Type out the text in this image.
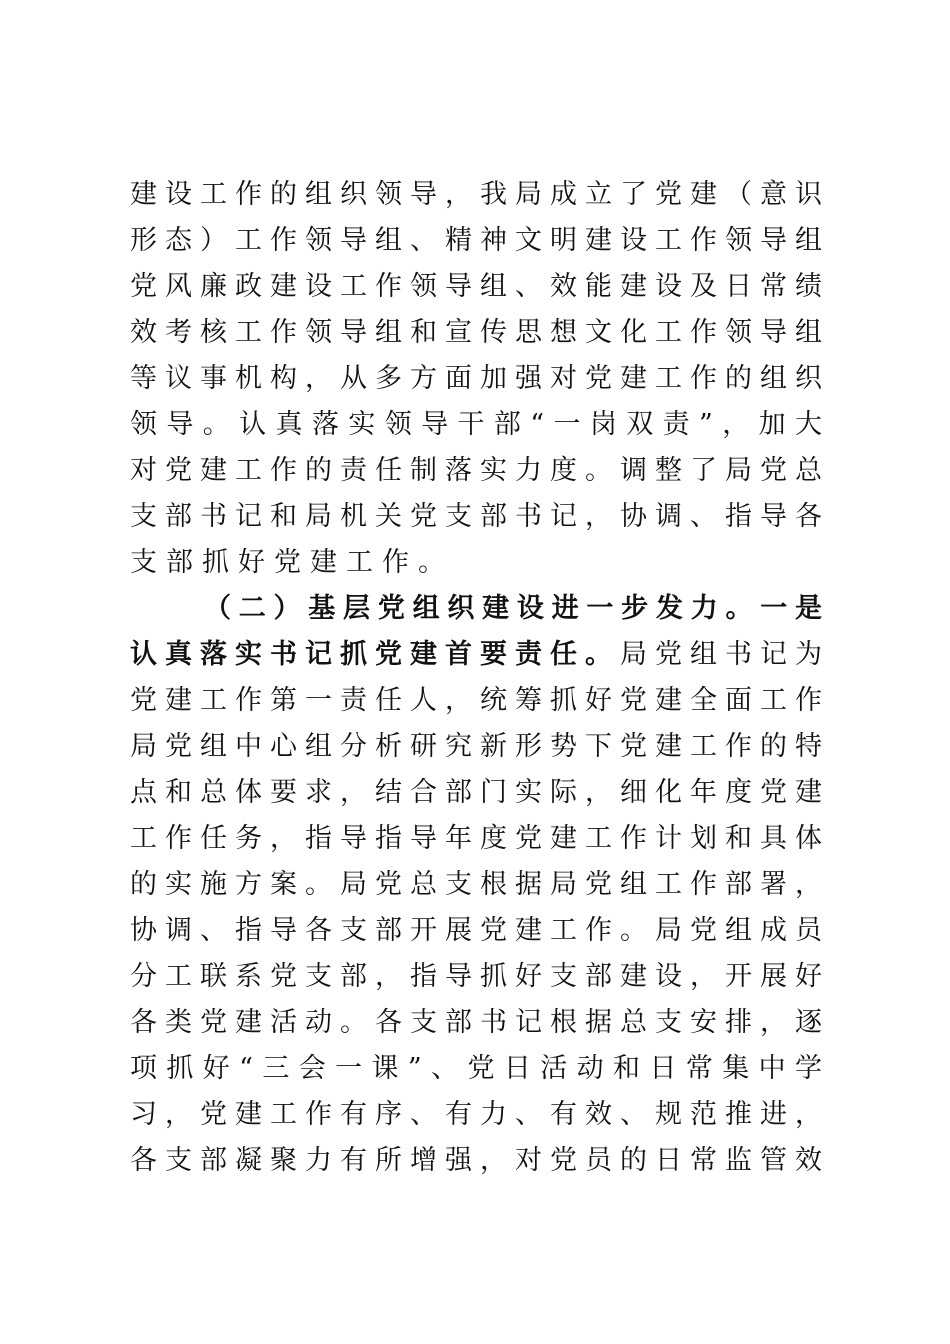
建设工作的组织领导，我局成立了党建（意识
形态）工作领导组、精神文明建设工作领导组
党风廉政建设工作领导组、效能建设及日常绩
效考核工作领导组和宣传思想文化工作领导组
等议事机构，从多方面加强对党建工作的组织
领导。认真落实领导干部“一岗双责”，加大
对党建工作的责任制落实力度。调整了局党总
支部书记和局机关党支部书记，协调、指导各
支部抓好党建工作。
（二）基层党组织建设进一步发力。一是
认真落实书记抓党建首要责任。局党组书记为
党建工作第一责任人，统筹抓好党建全面工作
局党组中心组分析研究新形势下党建工作的特
点和总体要求，结合部门实际，细化年度党建
工作任务，指导指导年度党建工作计划和具体
的实施方案。局党总支根据局党组工作部署，
协调、指导各支部开展党建工作。局党组成员
分工联系党支部，指导抓好支部建设，开展好
各类党建活动。各支部书记根据总支安排，逐
项抓好“三会一课”、党日活动和日常集中学
习，党建工作有序、有力、有效、规范推进，
各支部凝聚力有所增强，对党员的日常监管效
